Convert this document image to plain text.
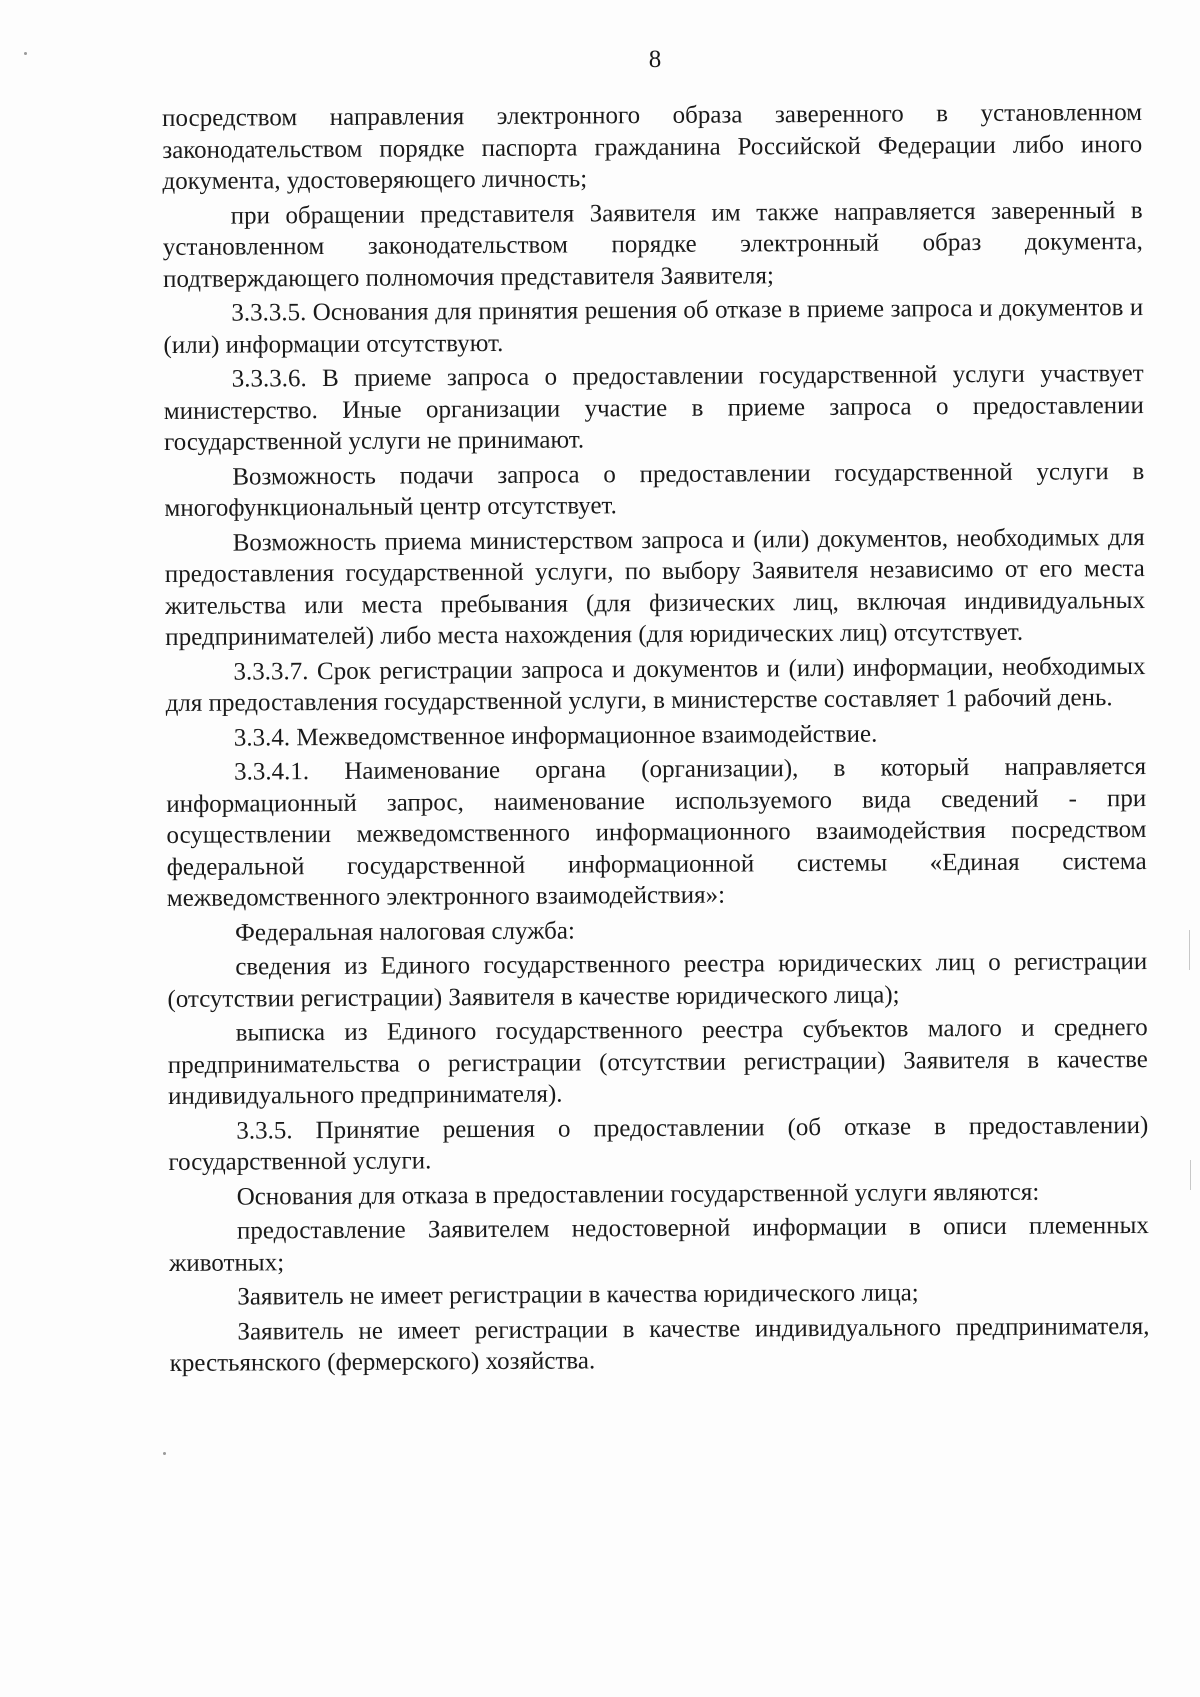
8

посредством направления электронного образа заверенного в установленном законодательством порядке паспорта гражданина Российской Федерации либо иного документа, удостоверяющего личность;

при обращении представителя Заявителя им также направляется заверенный в установленном законодательством порядке электронный образ документа, подтверждающего полномочия представителя Заявителя;

3.3.3.5. Основания для принятия решения об отказе в приеме запроса и документов и (или) информации отсутствуют.

3.3.3.6. В приеме запроса о предоставлении государственной услуги участвует министерство. Иные организации участие в приеме запроса о предоставлении государственной услуги не принимают.

Возможность подачи запроса о предоставлении государственной услуги в многофункциональный центр отсутствует.

Возможность приема министерством запроса и (или) документов, необходимых для предоставления государственной услуги, по выбору Заявителя независимо от его места жительства или места пребывания (для физических лиц, включая индивидуальных предпринимателей) либо места нахождения (для юридических лиц) отсутствует.

3.3.3.7. Срок регистрации запроса и документов и (или) информации, необходимых для предоставления государственной услуги, в министерстве составляет 1 рабочий день.

3.3.4. Межведомственное информационное взаимодействие.

3.3.4.1. Наименование органа (организации), в который направляется информационный запрос, наименование используемого вида сведений - при осуществлении межведомственного информационного взаимодействия посредством федеральной государственной информационной системы «Единая система межведомственного электронного взаимодействия»:

Федеральная налоговая служба:

сведения из Единого государственного реестра юридических лиц о регистрации (отсутствии регистрации) Заявителя в качестве юридического лица);

выписка из Единого государственного реестра субъектов малого и среднего предпринимательства о регистрации (отсутствии регистрации) Заявителя в качестве индивидуального предпринимателя).

3.3.5. Принятие решения о предоставлении (об отказе в предоставлении) государственной услуги.

Основания для отказа в предоставлении государственной услуги являются:

предоставление Заявителем недостоверной информации в описи племенных животных;

Заявитель не имеет регистрации в качества юридического лица;

Заявитель не имеет регистрации в качестве индивидуального предпринимателя, крестьянского (фермерского) хозяйства.
